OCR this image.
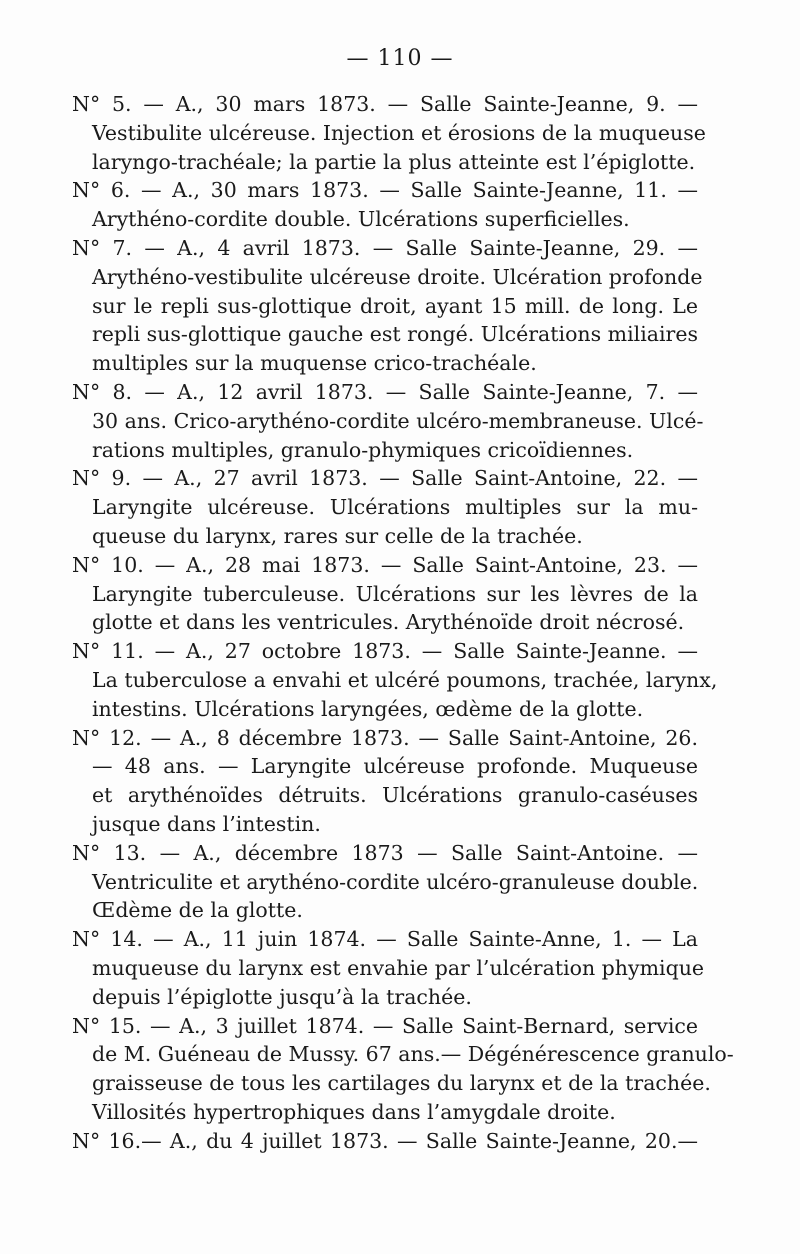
— 110 —
N° 5. — A., 30 mars 1873. — Salle Sainte-Jeanne, 9. —
Vestibulite ulcéreuse. Injection et érosions de la muqueuse
laryngo-trachéale; la partie la plus atteinte est l’épiglotte.
N° 6. — A., 30 mars 1873. — Salle Sainte-Jeanne, 11. —
Arythéno-cordite double. Ulcérations superficielles.
N° 7. — A., 4 avril 1873. — Salle Sainte-Jeanne, 29. —
Arythéno-vestibulite ulcéreuse droite. Ulcération profonde
sur le repli sus-glottique droit, ayant 15 mill. de long. Le
repli sus-glottique gauche est rongé. Ulcérations miliaires
multiples sur la muquense crico-trachéale.
N° 8. — A., 12 avril 1873. — Salle Sainte-Jeanne, 7. —
30 ans. Crico-arythéno-cordite ulcéro-membraneuse. Ulcé-
rations multiples, granulo-phymiques cricoïdiennes.
N° 9. — A., 27 avril 1873. — Salle Saint-Antoine, 22. —
Laryngite ulcéreuse. Ulcérations multiples sur la mu-
queuse du larynx, rares sur celle de la trachée.
N° 10. — A., 28 mai 1873. — Salle Saint-Antoine, 23. —
Laryngite tuberculeuse. Ulcérations sur les lèvres de la
glotte et dans les ventricules. Arythénoïde droit nécrosé.
N° 11. — A., 27 octobre 1873. — Salle Sainte-Jeanne. —
La tuberculose a envahi et ulcéré poumons, trachée, larynx,
intestins. Ulcérations laryngées, œdème de la glotte.
N° 12. — A., 8 décembre 1873. — Salle Saint-Antoine, 26.
— 48 ans. — Laryngite ulcéreuse profonde. Muqueuse
et arythénoïdes détruits. Ulcérations granulo-caséuses
jusque dans l’intestin.
N° 13. — A., décembre 1873 — Salle Saint-Antoine. —
Ventriculite et arythéno-cordite ulcéro-granuleuse double.
Œdème de la glotte.
N° 14. — A., 11 juin 1874. — Salle Sainte-Anne, 1. — La
muqueuse du larynx est envahie par l’ulcération phymique
depuis l’épiglotte jusqu’à la trachée.
N° 15. — A., 3 juillet 1874. — Salle Saint-Bernard, service
de M. Guéneau de Mussy. 67 ans.— Dégénérescence granulo-
graisseuse de tous les cartilages du larynx et de la trachée.
Villosités hypertrophiques dans l’amygdale droite.
N° 16.— A., du 4 juillet 1873. — Salle Sainte-Jeanne, 20.—
